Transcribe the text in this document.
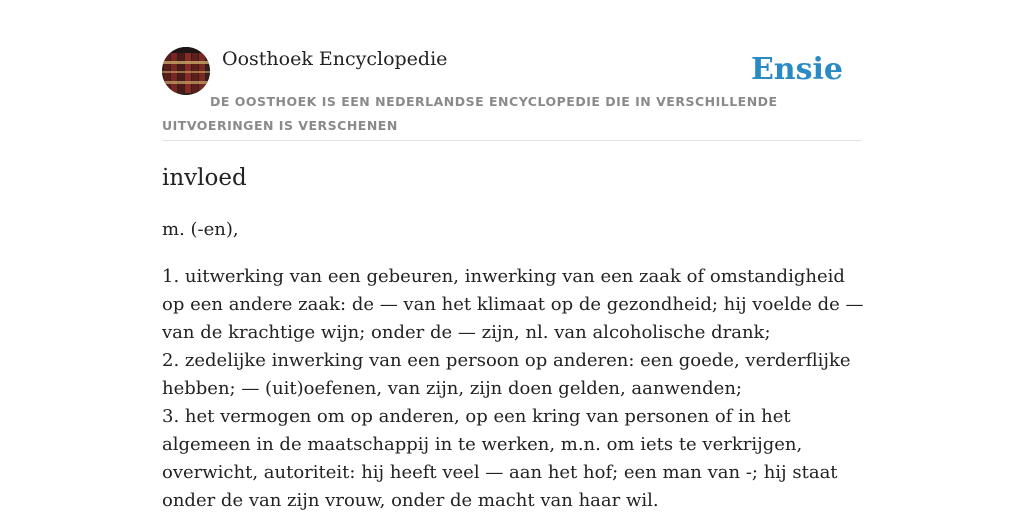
Oosthoek Encyclopedie	Ensie
DE OOSTHOEK IS EEN NEDERLANDSE ENCYCLOPEDIE DIE IN VERSCHILLENDE UITVOERINGEN IS VERSCHENEN
invloed

m. (-en),

1. uitwerking van een gebeuren, inwerking van een zaak of omstandigheid op een andere zaak: de — van het klimaat op de gezondheid; hij voelde de — van de krachtige wijn; onder de — zijn, nl. van alcoholische drank;
2. zedelijke inwerking van een persoon op anderen: een goede, verderflijke hebben; — (uit)oefenen, van zijn, zijn doen gelden, aanwenden;
3. het vermogen om op anderen, op een kring van personen of in het algemeen in de maatschappij in te werken, m.n. om iets te verkrijgen, overwicht, autoriteit: hij heeft veel — aan het hof; een man van -; hij staat onder de van zijn vrouw, onder de macht van haar wil.
